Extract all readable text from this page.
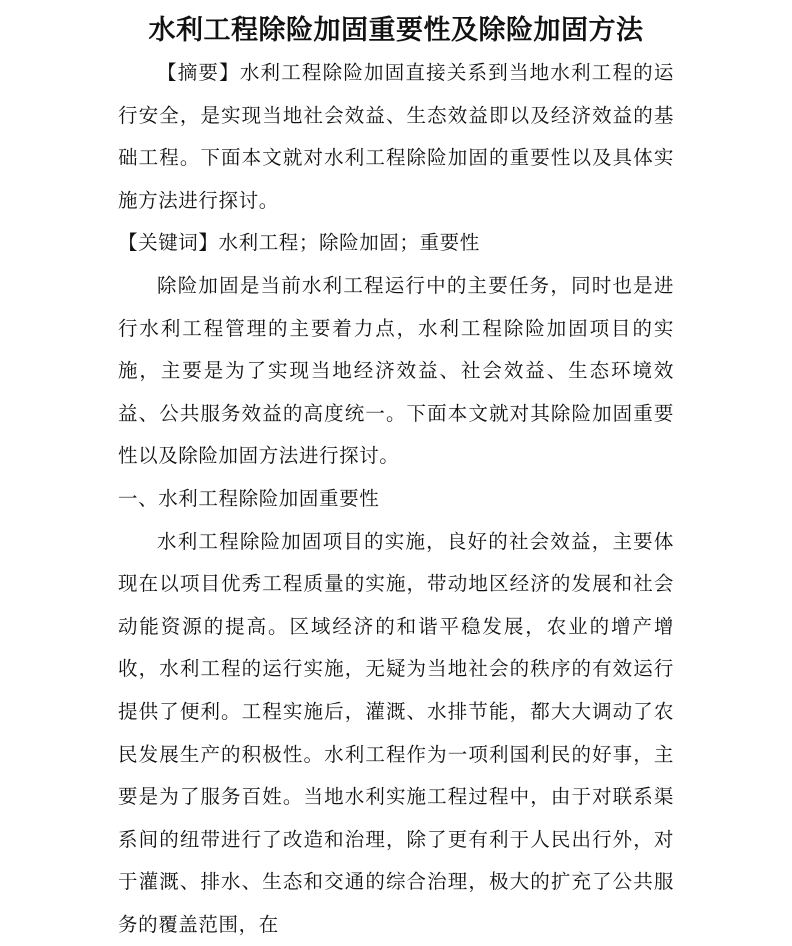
水利工程除险加固重要性及除险加固方法

【摘要】水利工程除险加固直接关系到当地水利工程的运行安全，是实现当地社会效益、生态效益即以及经济效益的基础工程。下面本文就对水利工程除险加固的重要性以及具体实施方法进行探讨。

【关键词】水利工程；除险加固；重要性

除险加固是当前水利工程运行中的主要任务，同时也是进行水利工程管理的主要着力点，水利工程除险加固项目的实施，主要是为了实现当地经济效益、社会效益、生态环境效益、公共服务效益的高度统一。下面本文就对其除险加固重要性以及除险加固方法进行探讨。

一、水利工程除险加固重要性

水利工程除险加固项目的实施，良好的社会效益，主要体现在以项目优秀工程质量的实施，带动地区经济的发展和社会动能资源的提高。区域经济的和谐平稳发展，农业的增产增收，水利工程的运行实施，无疑为当地社会的秩序的有效运行提供了便利。工程实施后，灌溉、水排节能，都大大调动了农民发展生产的积极性。水利工程作为一项利国利民的好事，主要是为了服务百姓。当地水利实施工程过程中，由于对联系渠系间的纽带进行了改造和治理，除了更有利于人民出行外，对于灌溉、排水、生态和交通的综合治理，极大的扩充了公共服务的覆盖范围，在
